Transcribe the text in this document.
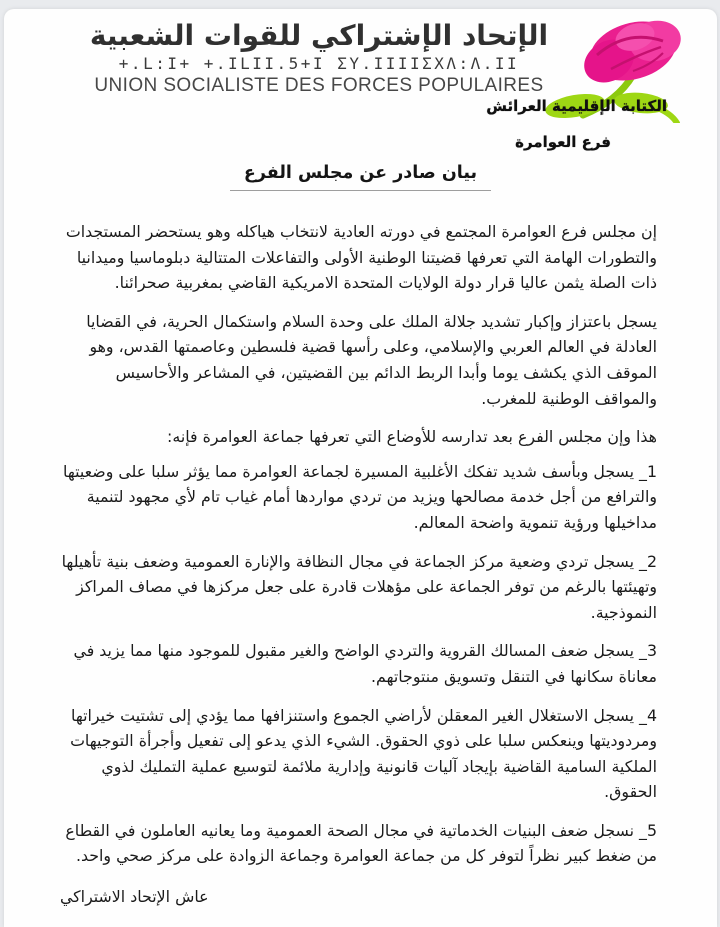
الإتحاد الإشتراكي للقوات الشعبية
+.L:I+ +.ILII.5+I ΣY.IIIIΣXΛ:Λ.II
UNION SOCIALISTE DES FORCES POPULAIRES
الكتابة الإقليمية العرائش
فرع العوامرة
بيان صادر عن مجلس الفرع

إن مجلس فرع العوامرة المجتمع في دورته العادية لانتخاب هياكله وهو يستحضر المستجدات والتطورات الهامة التي تعرفها قضيتنا الوطنية الأولى والتفاعلات المتتالية دبلوماسيا وميدانيا ذات الصلة يثمن عاليا قرار دولة الولايات المتحدة الامريكية القاضي بمغربية صحرائنا.

يسجل باعتزاز وإكبار تشديد جلالة الملك على وحدة السلام واستكمال الحرية، في القضايا العادلة في العالم العربي والإسلامي، وعلى رأسها قضية فلسطين وعاصمتها القدس، وهو الموقف الذي يكشف يوما وأبدا الربط الدائم بين القضيتين، في المشاعر والأحاسيس والمواقف الوطنية للمغرب.

هذا وإن مجلس الفرع بعد تدارسه للأوضاع التي تعرفها جماعة العوامرة فإنه:

1_ يسجل وبأسف شديد تفكك الأغلبية المسيرة لجماعة العوامرة مما يؤثر سلبا على وضعيتها والترافع من أجل خدمة مصالحها ويزيد من تردي مواردها أمام غياب تام لأي مجهود لتنمية مداخيلها ورؤية تنموية واضحة المعالم.

2_ يسجل تردي وضعية مركز الجماعة في مجال النظافة والإنارة العمومية وضعف بنية تأهيلها وتهيئتها بالرغم من توفر الجماعة على مؤهلات قادرة على جعل مركزها في مصاف المراكز النموذجية.

3_ يسجل ضعف المسالك القروية والتردي الواضح والغير مقبول للموجود منها مما يزيد في معاناة سكانها في التنقل وتسويق منتوجاتهم.

4_ يسجل الاستغلال الغير المعقلن لأراضي الجموع واستنزافها مما يؤدي إلى تشتيت خيراتها ومردوديتها وينعكس سلبا على ذوي الحقوق. الشيء الذي يدعو إلى تفعيل وأجرأة التوجيهات الملكية السامية القاضية بإيجاد آليات قانونية وإدارية ملائمة لتوسيع عملية التمليك لذوي الحقوق.

5_ نسجل ضعف البنيات الخدماتية في مجال الصحة العمومية وما يعانيه العاملون في القطاع من ضغط كبير نظراً لتوفر كل من جماعة العوامرة وجماعة الزوادة على مركز صحي واحد.

عاش الإتحاد الاشتراكي
